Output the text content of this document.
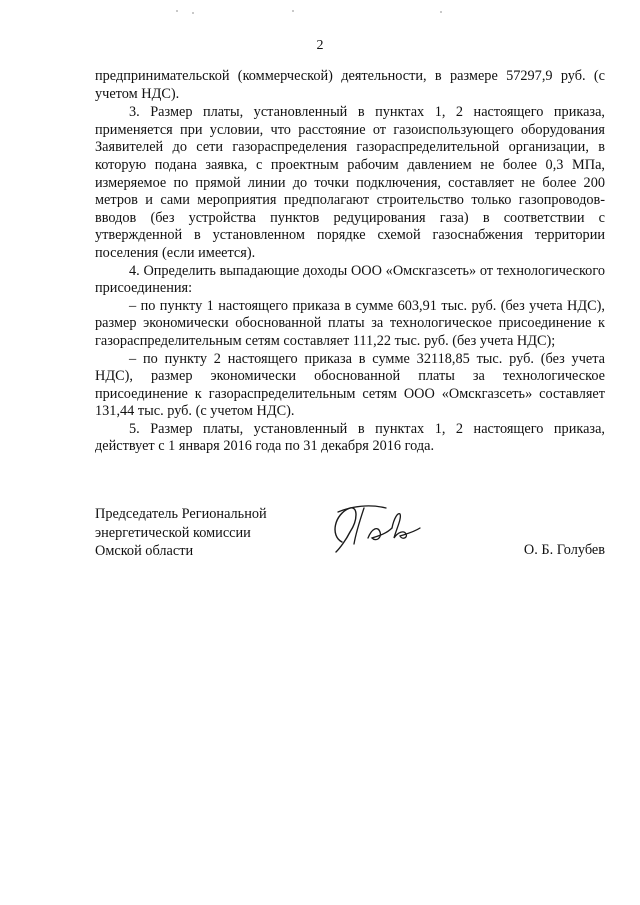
2

предпринимательской (коммерческой) деятельности, в размере 57297,9 руб. (с учетом НДС).

3. Размер платы, установленный в пунктах 1, 2 настоящего приказа, применяется при условии, что расстояние от газоиспользующего оборудования Заявителей до сети газораспределения газораспределительной организации, в которую подана заявка, с проектным рабочим давлением не более 0,3 МПа, измеряемое по прямой линии до точки подключения, составляет не более 200 метров и сами мероприятия предполагают строительство только газопроводов-вводов (без устройства пунктов редуцирования газа) в соответствии с утвержденной в установленном порядке схемой газоснабжения территории поселения (если имеется).

4. Определить выпадающие доходы ООО «Омскгазсеть» от технологического присоединения:

– по пункту 1 настоящего приказа в сумме 603,91 тыс. руб. (без учета НДС), размер экономически обоснованной платы за технологическое присоединение к газораспределительным сетям составляет 111,22 тыс. руб. (без учета НДС);

– по пункту 2 настоящего приказа в сумме 32118,85 тыс. руб. (без учета НДС), размер экономически обоснованной платы за технологическое присоединение к газораспределительным сетям ООО «Омскгазсеть» составляет 131,44 тыс. руб. (с учетом НДС).

5. Размер платы, установленный в пунктах 1, 2 настоящего приказа, действует с 1 января 2016 года по 31 декабря 2016 года.

Председатель Региональной
энергетической комиссии
Омской области	О. Б. Голубев
